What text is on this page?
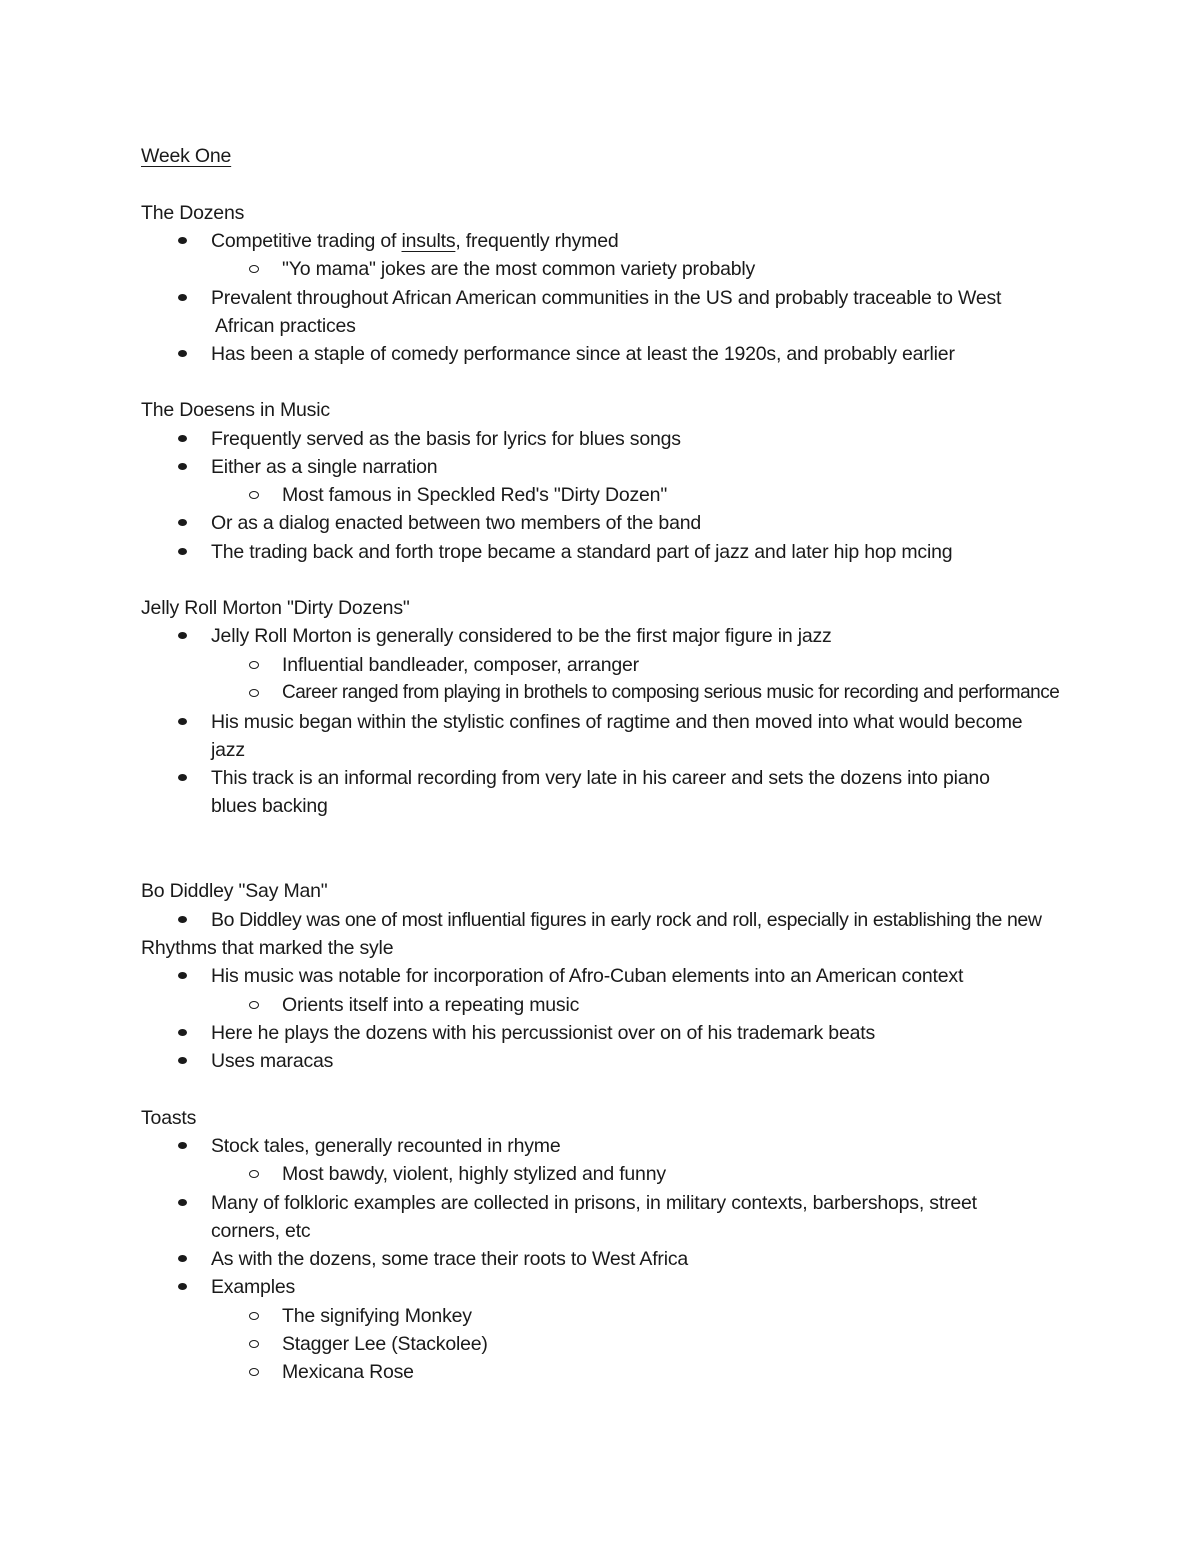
Week One
The Dozens
Competitive trading of insults, frequently rhymed
"Yo mama" jokes are the most common variety probably
Prevalent throughout African American communities in the US and probably traceable to West
African practices
Has been a staple of comedy performance since at least the 1920s, and probably earlier
The Doesens in Music
Frequently served as the basis for lyrics for blues songs
Either as a single narration
Most famous in Speckled Red's "Dirty Dozen"
Or as a dialog enacted between two members of the band
The trading back and forth trope became a standard part of jazz and later hip hop mcing
Jelly Roll Morton "Dirty Dozens"
Jelly Roll Morton is generally considered to be the first major figure in jazz
Influential bandleader, composer, arranger
Career ranged from playing in brothels to composing serious music for recording and performance
His music began within the stylistic confines of ragtime and then moved into what would become
jazz
This track is an informal recording from very late in his career and sets the dozens into piano
blues backing
Bo Diddley "Say Man"
Bo Diddley was one of most influential figures in early rock and roll, especially in establishing the new
Rhythms that marked the syle
His music was notable for incorporation of Afro-Cuban elements into an American context
Orients itself into a repeating music
Here he plays the dozens with his percussionist over on of his trademark beats
Uses maracas
Toasts
Stock tales, generally recounted in rhyme
Most bawdy, violent, highly stylized and funny
Many of folkloric examples are collected in prisons, in military contexts, barbershops, street
corners, etc
As with the dozens, some trace their roots to West Africa
Examples
The signifying Monkey
Stagger Lee (Stackolee)
Mexicana Rose
